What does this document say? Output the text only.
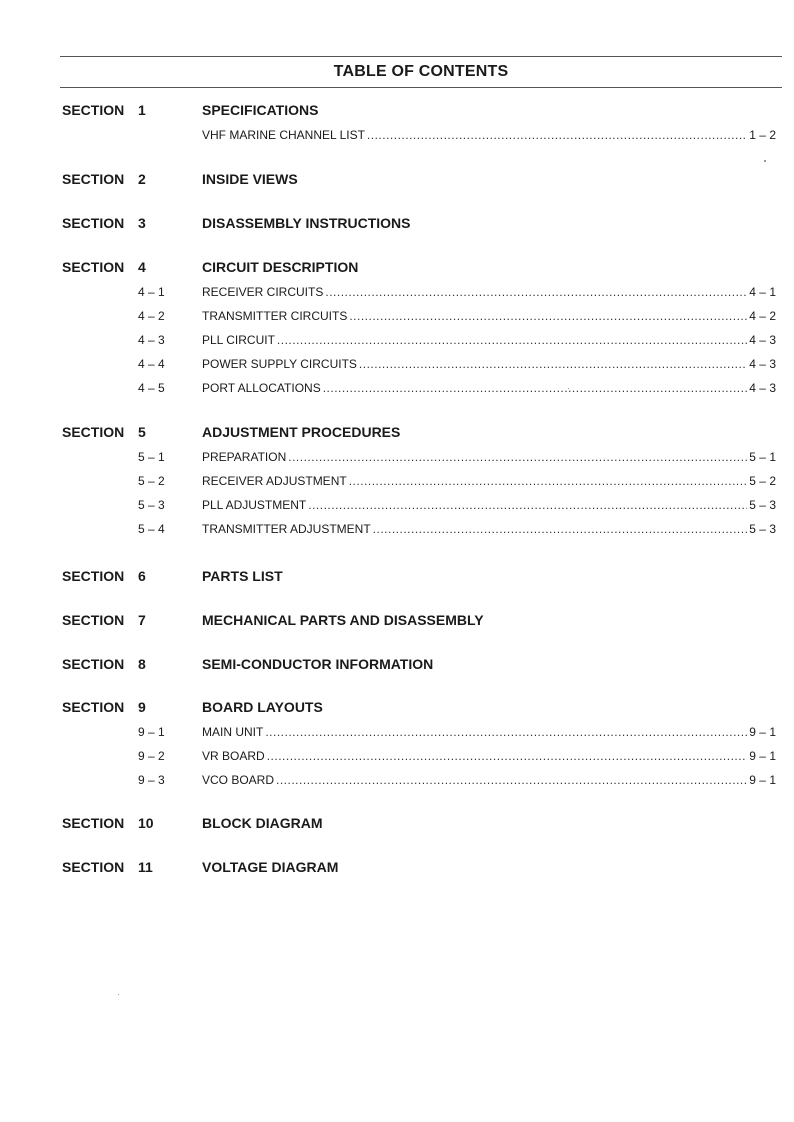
TABLE OF CONTENTS
SECTION 1	SPECIFICATIONS
VHF MARINE CHANNEL LIST .....	1 – 2
SECTION 2	INSIDE VIEWS
SECTION 3	DISASSEMBLY INSTRUCTIONS
SECTION 4	CIRCUIT DESCRIPTION
4 – 1	RECEIVER CIRCUITS .....	4 – 1
4 – 2	TRANSMITTER CIRCUITS .....	4 – 2
4 – 3	PLL CIRCUIT .....	4 – 3
4 – 4	POWER SUPPLY CIRCUITS .....	4 – 3
4 – 5	PORT ALLOCATIONS .....	4 – 3
SECTION 5	ADJUSTMENT PROCEDURES
5 – 1	PREPARATION .....	5 – 1
5 – 2	RECEIVER ADJUSTMENT .....	5 – 2
5 – 3	PLL ADJUSTMENT .....	5 – 3
5 – 4	TRANSMITTER ADJUSTMENT .....	5 – 3
SECTION 6	PARTS LIST
SECTION 7	MECHANICAL PARTS AND DISASSEMBLY
SECTION 8	SEMI-CONDUCTOR INFORMATION
SECTION 9	BOARD LAYOUTS
9 – 1	MAIN UNIT .....	9 – 1
9 – 2	VR BOARD .....	9 – 1
9 – 3	VCO BOARD .....	9 – 1
SECTION 10	BLOCK DIAGRAM
SECTION 11	VOLTAGE DIAGRAM
